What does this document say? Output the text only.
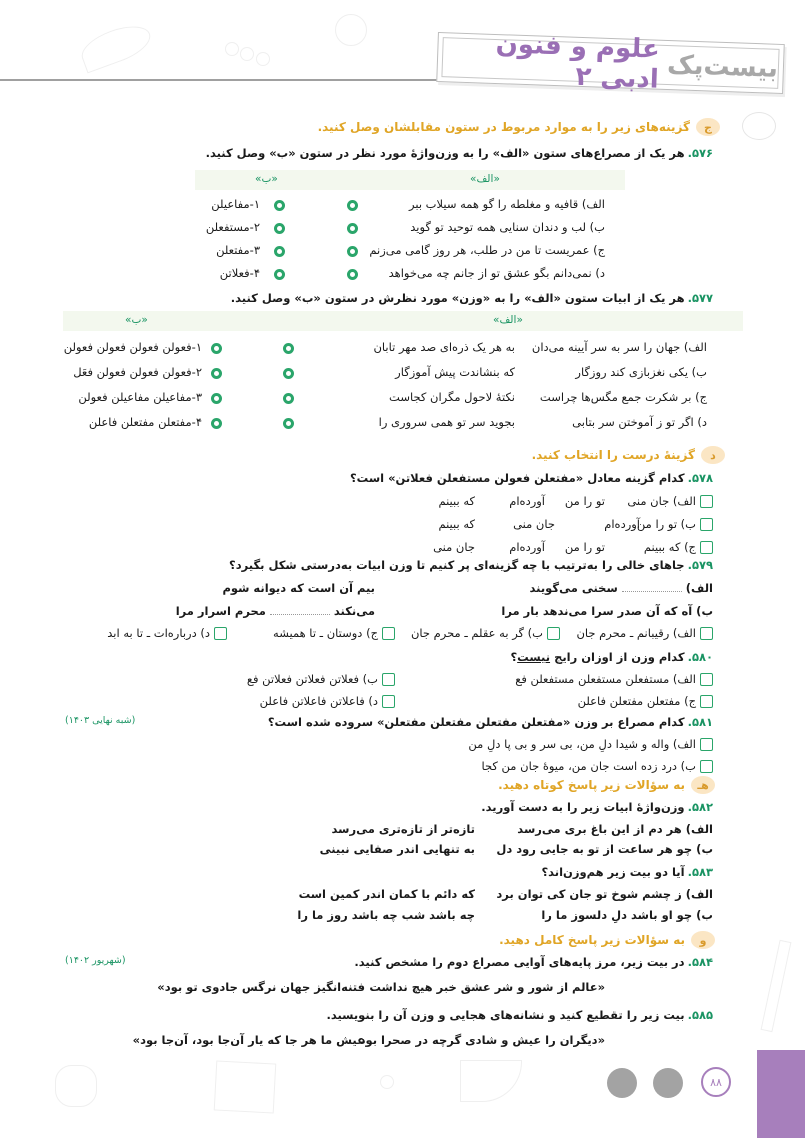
بیست‌پک
علوم و فنون ادبی ۲
ج
گزینه‌های زیر را به موارد مربوط در ستون مقابلشان وصل کنید.
۵۷۶.هر یک از مصراع‌های ستون «الف» را به وزن‌واژهٔ مورد نظر در ستون «ب» وصل کنید.
«ب»	«الف»
الف) قافیه و مغلطه را گو همه سیلاب ببر
ب) لب و دندان سنایی همه توحید تو گوید
ج) عمریست تا من در طلب، هر روز گامی می‌زنم
د) نمی‌دانم بگو عشق تو از جانم چه می‌خواهد
۱-مفاعیلن
۲-مستفعلن
۳-مفتعلن
۴-فعلاتن
۵۷۷.هر یک از ابیات ستون «الف» را به «وزن» مورد نظرش در ستون «ب» وصل کنید.
«ب»	«الف»
الف) جهان را سر به سر آیینه می‌دان
ب) یکی نغزبازی کند روزگار
ج) بر شکرت جمع مگس‌ها چراست
د) اگر تو ز آموختن سر بتابی
به هر یک ذره‌ای صد مهر تابان
که بنشاندت پیش آموزگار
نکتهٔ لاحول مگران کجاست
بجوید سر تو همی سروری را
۱-فعولن فعولن فعولن فعولن
۲-فعولن فعولن فعولن فعَل
۳-مفاعیلن مفاعیلن فعولن
۴-مفتعلن مفتعلن فاعلن
د
گزینهٔ درست را انتخاب کنید.
۵۷۸.کدام گزینه معادل «مفتعلن فعولن مستفعلن فعلاتن» است؟
الف) جان منی
تو را من
آورده‌ام
که ببینم
ب) تو را من
آورده‌ام
جان منی
که ببینم
ج) که ببینم
تو را من
آورده‌ام
جان منی
۵۷۹.جاهای خالی را به‌ترتیب با چه گزینه‌ای پر کنیم تا وزن ابیات به‌درستی شکل بگیرد؟
الف)سخنی می‌گویند
بیم آن است که دیوانه شوم
ب) آه که آن صدر سرا می‌ندهد بار مرا
می‌نکندمحرم اسرار مرا
الف) رقیبانم ـ محرم جان
ب) گر به عقلم ـ محرم جان
ج) دوستان ـ تا همیشه
د) درباره‌ات ـ تا به ابد
۵۸۰.کدام وزن از اوزان رایج نیست؟
الف) مستفعلن مستفعلن مستفعلن فع
ب) فعلاتن فعلاتن فعلاتن فع
ج) مفتعلن مفتعلن فاعلن
د) فاعلاتن فاعلاتن فاعلن
۵۸۱.کدام مصراع بر وزن «مفتعلن مفتعلن مفتعلن مفتعلن» سروده شده است؟
(شبه نهایی ۱۴۰۳)
الف) واله و شیدا دلِ من، بی سر و بی پا دلِ من
ب) درد زده است جان من، میوهٔ جان من کجا
هـ
به سؤالات زیر پاسخ کوتاه دهید.
۵۸۲.وزن‌واژهٔ ابیات زیر را به دست آورید.
الف) هر دم از این باغ بری می‌رسد
تازه‌تر از تازه‌تری می‌رسد
ب) چو هر ساعت از تو به جایی رود دل
به تنهایی اندر صفایی نبینی
۵۸۳.آیا دو بیت زیر هم‌وزن‌اند؟
الف) ز چشم شوخ تو جان کی توان برد
که دائم با کمان اندر کمین است
ب) چو او باشد دلِ دلسوز ما را
چه باشد شب چه باشد روز ما را
و
به سؤالات زیر پاسخ کامل دهید.
۵۸۴.در بیت زیر، مرز پایه‌های آوایی مصراع دوم را مشخص کنید.
(شهریور ۱۴۰۲)
«عالم از شور و شر عشق خبر هیچ نداشت
فتنه‌انگیز جهان نرگس جادوی تو بود»
۵۸۵.بیت زیر را تقطیع کنید و نشانه‌های هجایی و وزن آن را بنویسید.
«دیگران را عیش و شادی گرچه در صحرا بود
عیش ما هر جا که یار آن‌جا بود، آن‌جا بود»
۸۸
